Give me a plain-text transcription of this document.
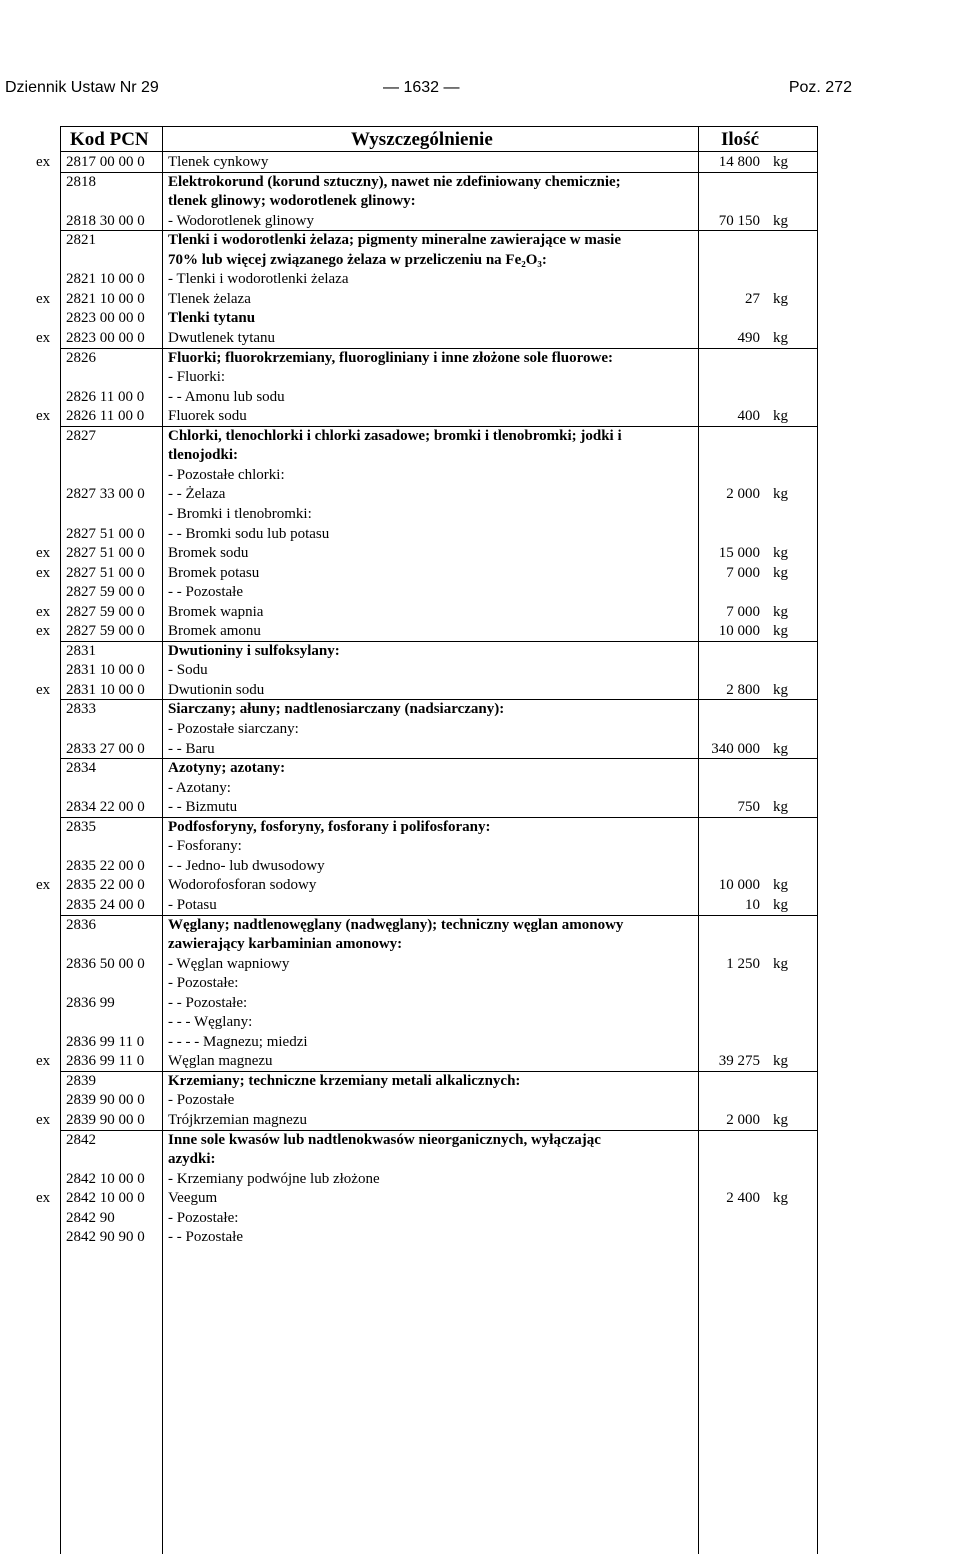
Dziennik Ustaw Nr 29	— 1632 —	Poz. 272
Kod PCN	Wyszczególnienie	Ilość
ex 2817 00 00 0 Tlenek cynkowy	14 800 kg
2818	Elektrokorund (korund sztuczny), nawet nie zdefiniowany chemicznie;
tlenek glinowy; wodorotlenek glinowy:
2818 30 00 0 - Wodorotlenek glinowy	70 150 kg
2821	Tlenki i wodorotlenki żelaza; pigmenty mineralne zawierające w masie
70% lub więcej związanego żelaza w przeliczeniu na Fe₂O₃:
2821 10 00 0 - Tlenki i wodorotlenki żelaza
ex 2821 10 00 0 Tlenek żelaza	27 kg
2823 00 00 0 Tlenki tytanu
ex 2823 00 00 0 Dwutlenek tytanu	490 kg
2826	Fluorki; fluorokrzemiany, fluorogliniany i inne złożone sole fluorowe:
- Fluorki:
2826 11 00 0 - - Amonu lub sodu
ex 2826 11 00 0 Fluorek sodu	400 kg
2827	Chlorki, tlenochlorki i chlorki zasadowe; bromki i tlenobromki; jodki i
tlenojodki:
- Pozostałe chlorki:
2827 33 00 0 - - Żelaza	2 000 kg
- Bromki i tlenobromki:
2827 51 00 0 - - Bromki sodu lub potasu
ex 2827 51 00 0 Bromek sodu	15 000 kg
ex 2827 51 00 0 Bromek potasu	7 000 kg
2827 59 00 0 - - Pozostałe
ex 2827 59 00 0 Bromek wapnia	7 000 kg
ex 2827 59 00 0 Bromek amonu	10 000 kg
2831	Dwutioniny i sulfoksylany:
2831 10 00 0 - Sodu
ex 2831 10 00 0 Dwutionin sodu	2 800 kg
2833	Siarczany; ałuny; nadtlenosiarczany (nadsiarczany):
- Pozostałe siarczany:
2833 27 00 0 - - Baru	340 000 kg
2834	Azotyny; azotany:
- Azotany:
2834 22 00 0 - - Bizmutu	750 kg
2835	Podfosforyny, fosforyny, fosforany i polifosforany:
- Fosforany:
2835 22 00 0 - - Jedno- lub dwusodowy
ex 2835 22 00 0 Wodorofosforan sodowy	10 000 kg
2835 24 00 0 - Potasu	10 kg
2836	Węglany; nadtlenowęglany (nadwęglany); techniczny węglan amonowy
zawierający karbaminian amonowy:
2836 50 00 0 - Węglan wapniowy	1 250 kg
- Pozostałe:
2836 99	- - Pozostałe:
- - - Węglany:
2836 99 11 0 - - - - Magnezu; miedzi
ex 2836 99 11 0 Węglan magnezu	39 275 kg
2839	Krzemiany; techniczne krzemiany metali alkalicznych:
2839 90 00 0 - Pozostałe
ex 2839 90 00 0 Trójkrzemian magnezu	2 000 kg
2842	Inne sole kwasów lub nadtlenokwasów nieorganicznych, wyłączając
azydki:
2842 10 00 0 - Krzemiany podwójne lub złożone
ex 2842 10 00 0 Veegum	2 400 kg
2842 90	- Pozostałe:
2842 90 90 0 - - Pozostałe
